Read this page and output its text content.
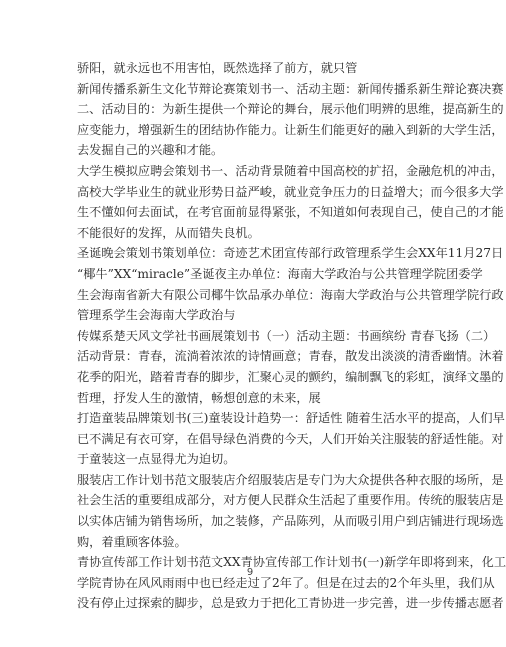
骄阳，就永远也不用害怕，既然选择了前方，就只管
新闻传播系新生文化节辩论赛策划书一、活动主题：新闻传播系新生辩论赛决赛
二、活动目的：为新生提供一个辩论的舞台，展示他们明辨的思维，提高新生的
应变能力，增强新生的团结协作能力。让新生们能更好的融入到新的大学生活，
去发掘自己的兴趣和才能。
大学生模拟应聘会策划书一、活动背景随着中国高校的扩招，金融危机的冲击，
高校大学毕业生的就业形势日益严峻，就业竞争压力的日益增大；而今很多大学
生不懂如何去面试，在考官面前显得紧张，不知道如何表现自己，使自己的才能
不能很好的发挥，从而错失良机。
圣诞晚会策划书策划单位：奇迹艺术团宣传部行政管理系学生会XX年11月27日
“椰牛”XX“miracle”圣诞夜主办单位：海南大学政治与公共管理学院团委学
生会海南省新大有限公司椰牛饮品承办单位：海南大学政治与公共管理学院行政
管理系学生会海南大学政治与
传媒系楚天风文学社书画展策划书（一）活动主题：书画缤纷 青春飞扬（二）
活动背景：青春，流淌着浓浓的诗情画意；青春，散发出淡淡的清香幽情。沐着
花季的阳光，踏着青春的脚步，汇聚心灵的颤约，编制飘飞的彩虹，演绎文墨的
哲理，抒发人生的激情，畅想创意的未来，展
打造童装品牌策划书(三)童装设计趋势一：舒适性 随着生活水平的提高，人们早
已不满足有衣可穿，在倡导绿色消费的今天，人们开始关注服装的舒适性能。对
于童装这一点显得尤为迫切。
服装店工作计划书范文服装店介绍服装店是专门为大众提供各种衣服的场所，是
社会生活的重要组成部分，对方便人民群众生活起了重要作用。传统的服装店是
以实体店铺为销售场所，加之装修，产品陈列，从而吸引用户到店铺进行现场选
购，着重顾客体验。
青协宣传部工作计划书范文XX青协宣传部工作计划书(一)新学年即将到来，化工
学院青协在风风雨雨中也已经走过了2年了。但是在过去的2个年头里，我们从
没有停止过探索的脚步，总是致力于把化工青协进一步完善，进一步传播志愿者
9
